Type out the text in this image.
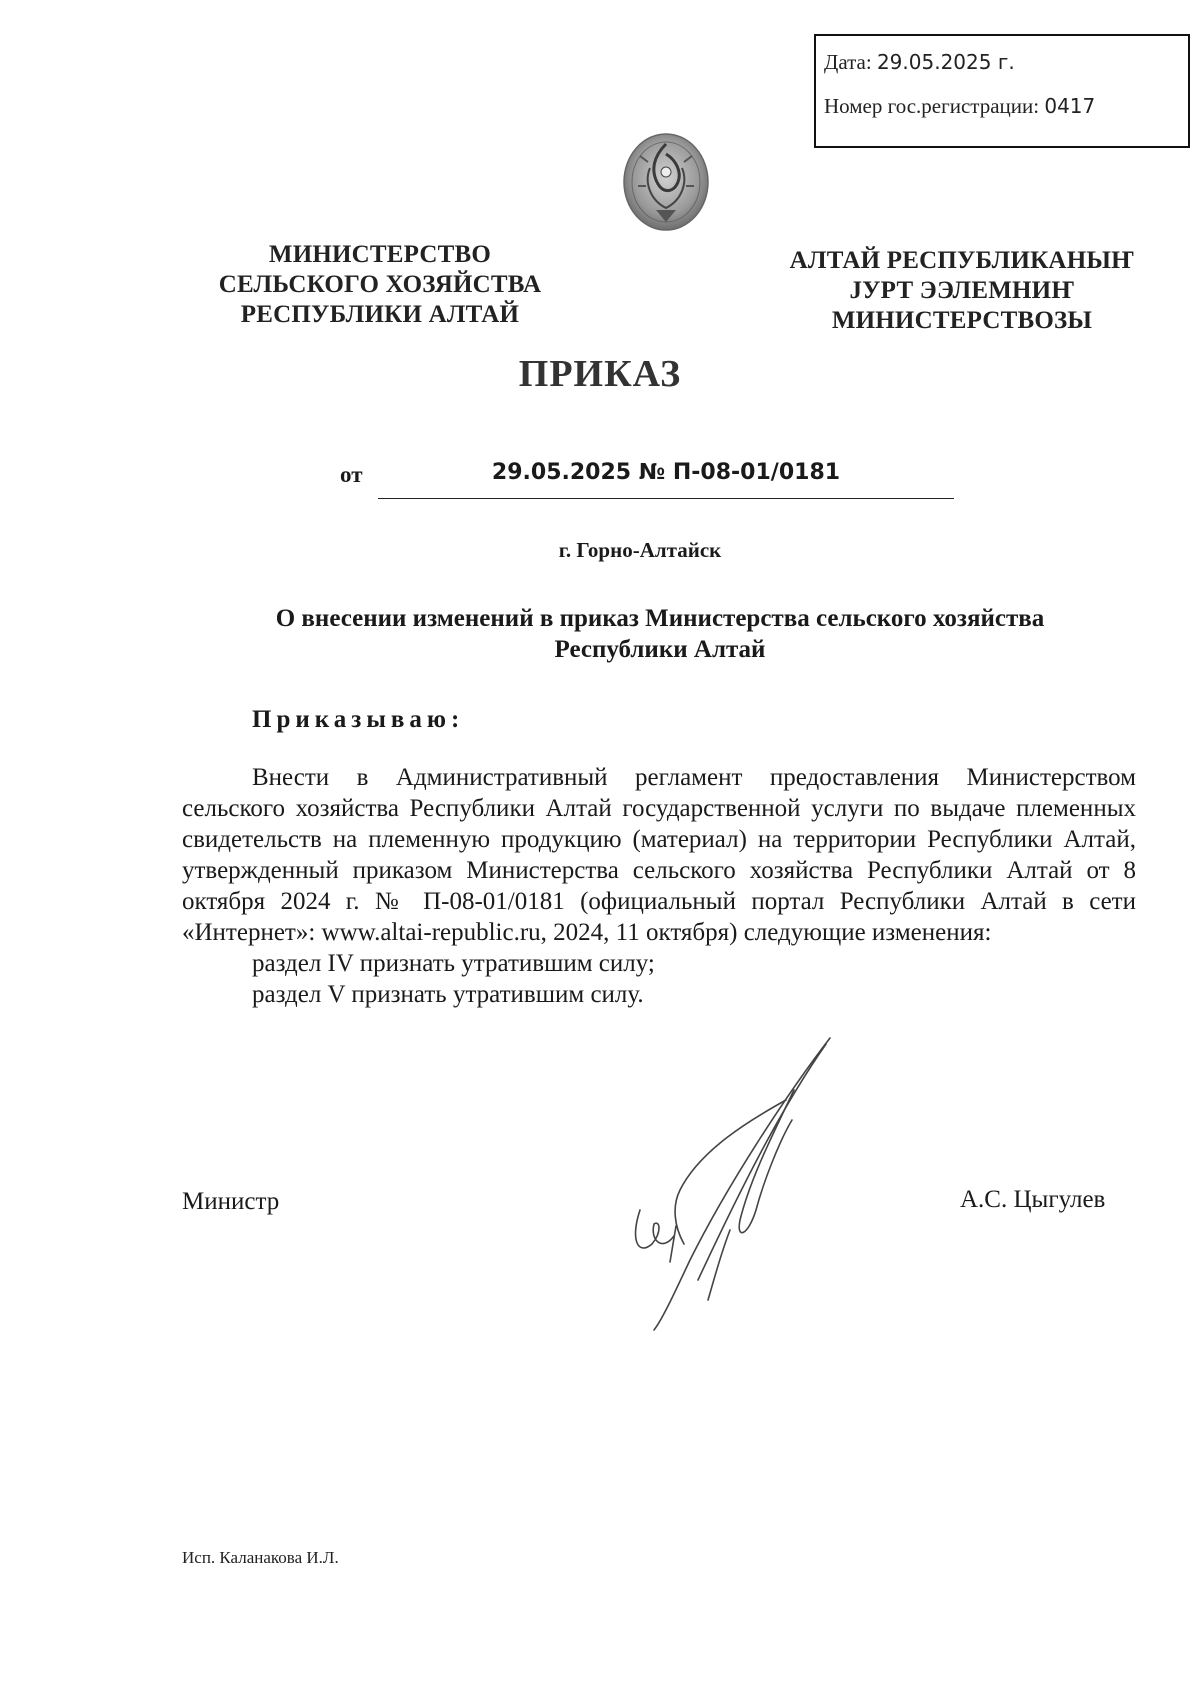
Дата: 29.05.2025 г.
Номер гос.регистрации: 0417
МИНИСТЕРСТВО
СЕЛЬСКОГО ХОЗЯЙСТВА
РЕСПУБЛИКИ АЛТАЙ
АЛТАЙ РЕСПУБЛИКАНЫҤ
ЈУРТ ЭЭЛЕМНИҤ
МИНИСТЕРСТВОЗЫ
ПРИКАЗ
от	29.05.2025 № П-08-01/0181
г. Горно-Алтайск
О внесении изменений в приказ Министерства сельского хозяйства
Республики Алтай
Приказываю:

Внести в Административный регламент предоставления Министерством сельского хозяйства Республики Алтай государственной услуги по выдаче племенных свидетельств на племенную продукцию (материал) на территории Республики Алтай, утвержденный приказом Министерства сельского хозяйства Республики Алтай от 8 октября 2024 г. № П-08-01/0181 (официальный портал Республики Алтай в сети «Интернет»: www.altai-republic.ru, 2024, 11 октября) следующие изменения:

раздел IV признать утратившим силу;

раздел V признать утратившим силу.

Министр	А.С. Цыгулев
Исп. Каланакова И.Л.
